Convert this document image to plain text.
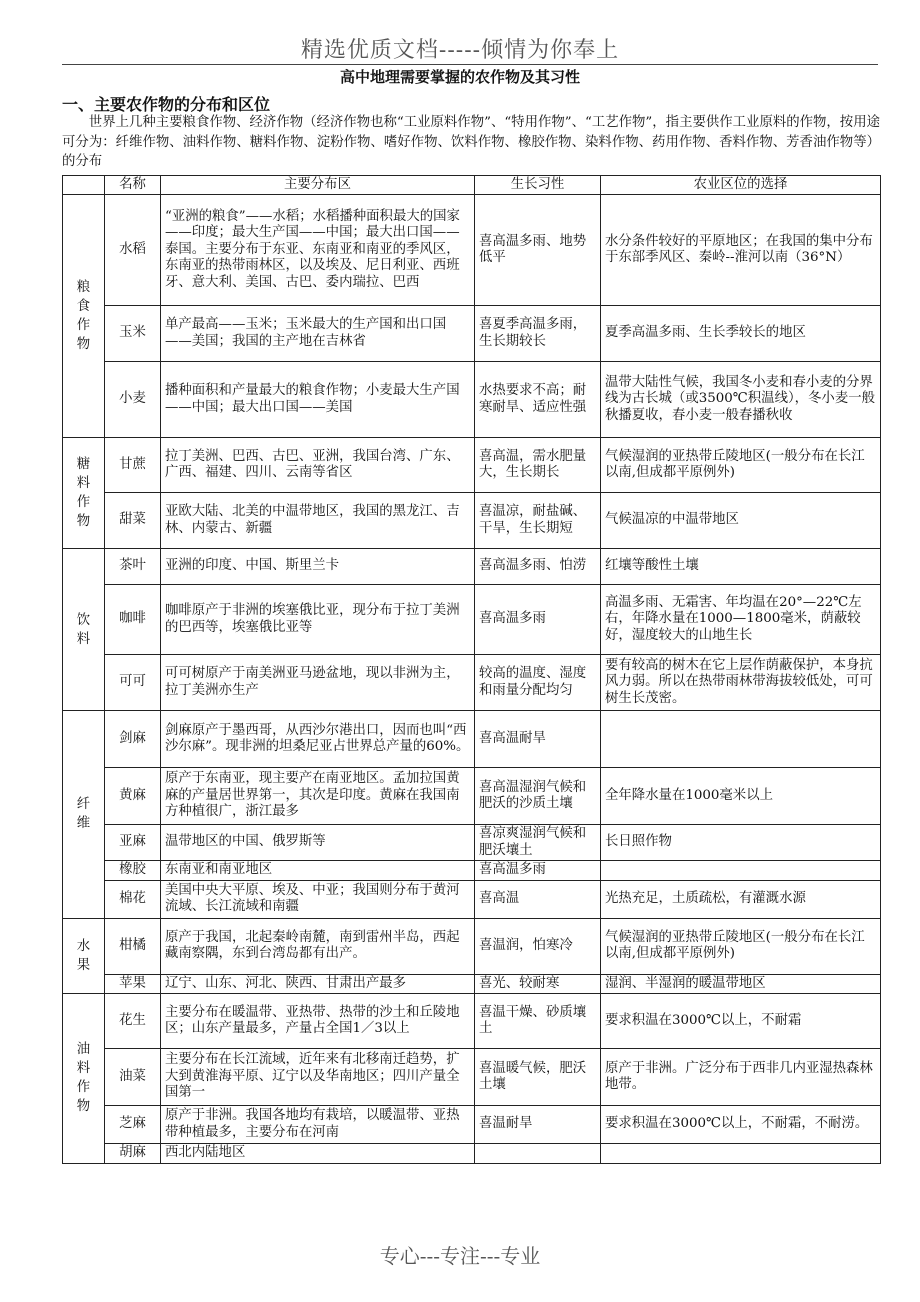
精选优质文档-----倾情为你奉上
高中地理需要掌握的农作物及其习性
一、主要农作物的分布和区位
世界上几种主要粮食作物、经济作物（经济作物也称“工业原料作物”、“特用作物”、“工艺作物”，指主要供作工业原料的作物，按用途可分为：纤维作物、油料作物、糖料作物、淀粉作物、嗜好作物、饮料作物、橡胶作物、染料作物、药用作物、香料作物、芳香油作物等）的分布
	名称	主要分布区	生长习性	农业区位的选择

粮食作物	水稻	“亚洲的粮食”——水稻；水稻播种面积最大的国家——印度；最大生产国——中国；最大出口国——泰国。主要分布于东亚、东南亚和南亚的季风区，东南亚的热带雨林区，以及埃及、尼日利亚、西班牙、意大利、美国、古巴、委内瑞拉、巴西	喜高温多雨、地势低平	水分条件较好的平原地区；在我国的集中分布于东部季风区、秦岭--淮河以南（36°N）
	玉米	单产最高——玉米；玉米最大的生产国和出口国——美国；我国的主产地在吉林省	喜夏季高温多雨，生长期较长	夏季高温多雨、生长季较长的地区
	小麦	播种面积和产量最大的粮食作物；小麦最大生产国——中国；最大出口国——美国	水热要求不高；耐寒耐旱、适应性强	温带大陆性气候，我国冬小麦和春小麦的分界线为古长城（或3500℃积温线），冬小麦一般秋播夏收，春小麦一般春播秋收

糖料作物	甘蔗	拉丁美洲、巴西、古巴、亚洲，我国台湾、广东、广西、福建、四川、云南等省区	喜高温，需水肥量大，生长期长	气候湿润的亚热带丘陵地区(一般分布在长江以南,但成都平原例外)
	甜菜	亚欧大陆、北美的中温带地区，我国的黑龙江、吉林、内蒙古、新疆	喜温凉，耐盐碱、干旱，生长期短	气候温凉的中温带地区

饮料	茶叶	亚洲的印度、中国、斯里兰卡	喜高温多雨、怕涝	红壤等酸性土壤
	咖啡	咖啡原产于非洲的埃塞俄比亚，现分布于拉丁美洲的巴西等，埃塞俄比亚等	喜高温多雨	高温多雨、无霜害、年均温在20°—22℃左右，年降水量在1000—1800毫米，荫蔽较好，湿度较大的山地生长
	可可	可可树原产于南美洲亚马逊盆地，现以非洲为主，拉丁美洲亦生产	较高的温度、湿度和雨量分配均匀	要有较高的树木在它上层作荫蔽保护，本身抗风力弱。所以在热带雨林带海拔较低处，可可树生长茂密。

纤维	剑麻	剑麻原产于墨西哥，从西沙尔港出口，因而也叫“西沙尔麻”。现非洲的坦桑尼亚占世界总产量的60%。	喜高温耐旱	
	黄麻	原产于东南亚，现主要产在南亚地区。孟加拉国黄麻的产量居世界第一，其次是印度。黄麻在我国南方种植很广，浙江最多	喜高温湿润气候和肥沃的沙质土壤	全年降水量在1000毫米以上
	亚麻	温带地区的中国、俄罗斯等	喜凉爽湿润气候和肥沃壤土	长日照作物
	橡胶	东南亚和南亚地区	喜高温多雨	
	棉花	美国中央大平原、埃及、中亚；我国则分布于黄河流域、长江流域和南疆	喜高温	光热充足，土质疏松，有灌溉水源

水果	柑橘	原产于我国，北起秦岭南麓，南到雷州半岛，西起藏南察隅，东到台湾岛都有出产。	喜温润，怕寒冷	气候湿润的亚热带丘陵地区(一般分布在长江以南,但成都平原例外)
	苹果	辽宁、山东、河北、陕西、甘肃出产最多	喜光、较耐寒	湿润、半湿润的暖温带地区

油料作物	花生	主要分布在暖温带、亚热带、热带的沙土和丘陵地区；山东产量最多，产量占全国1／3以上	喜温干燥、砂质壤土	要求积温在3000℃以上，不耐霜
	油菜	主要分布在长江流域，近年来有北移南迁趋势，扩大到黄淮海平原、辽宁以及华南地区；四川产量全国第一	喜温暖气候，肥沃土壤	原产于非洲。广泛分布于西非几内亚湿热森林地带。
	芝麻	原产于非洲。我国各地均有栽培，以暖温带、亚热带种植最多，主要分布在河南	喜温耐旱	要求积温在3000℃以上，不耐霜，不耐涝。
	胡麻	西北内陆地区		
专心---专注---专业
